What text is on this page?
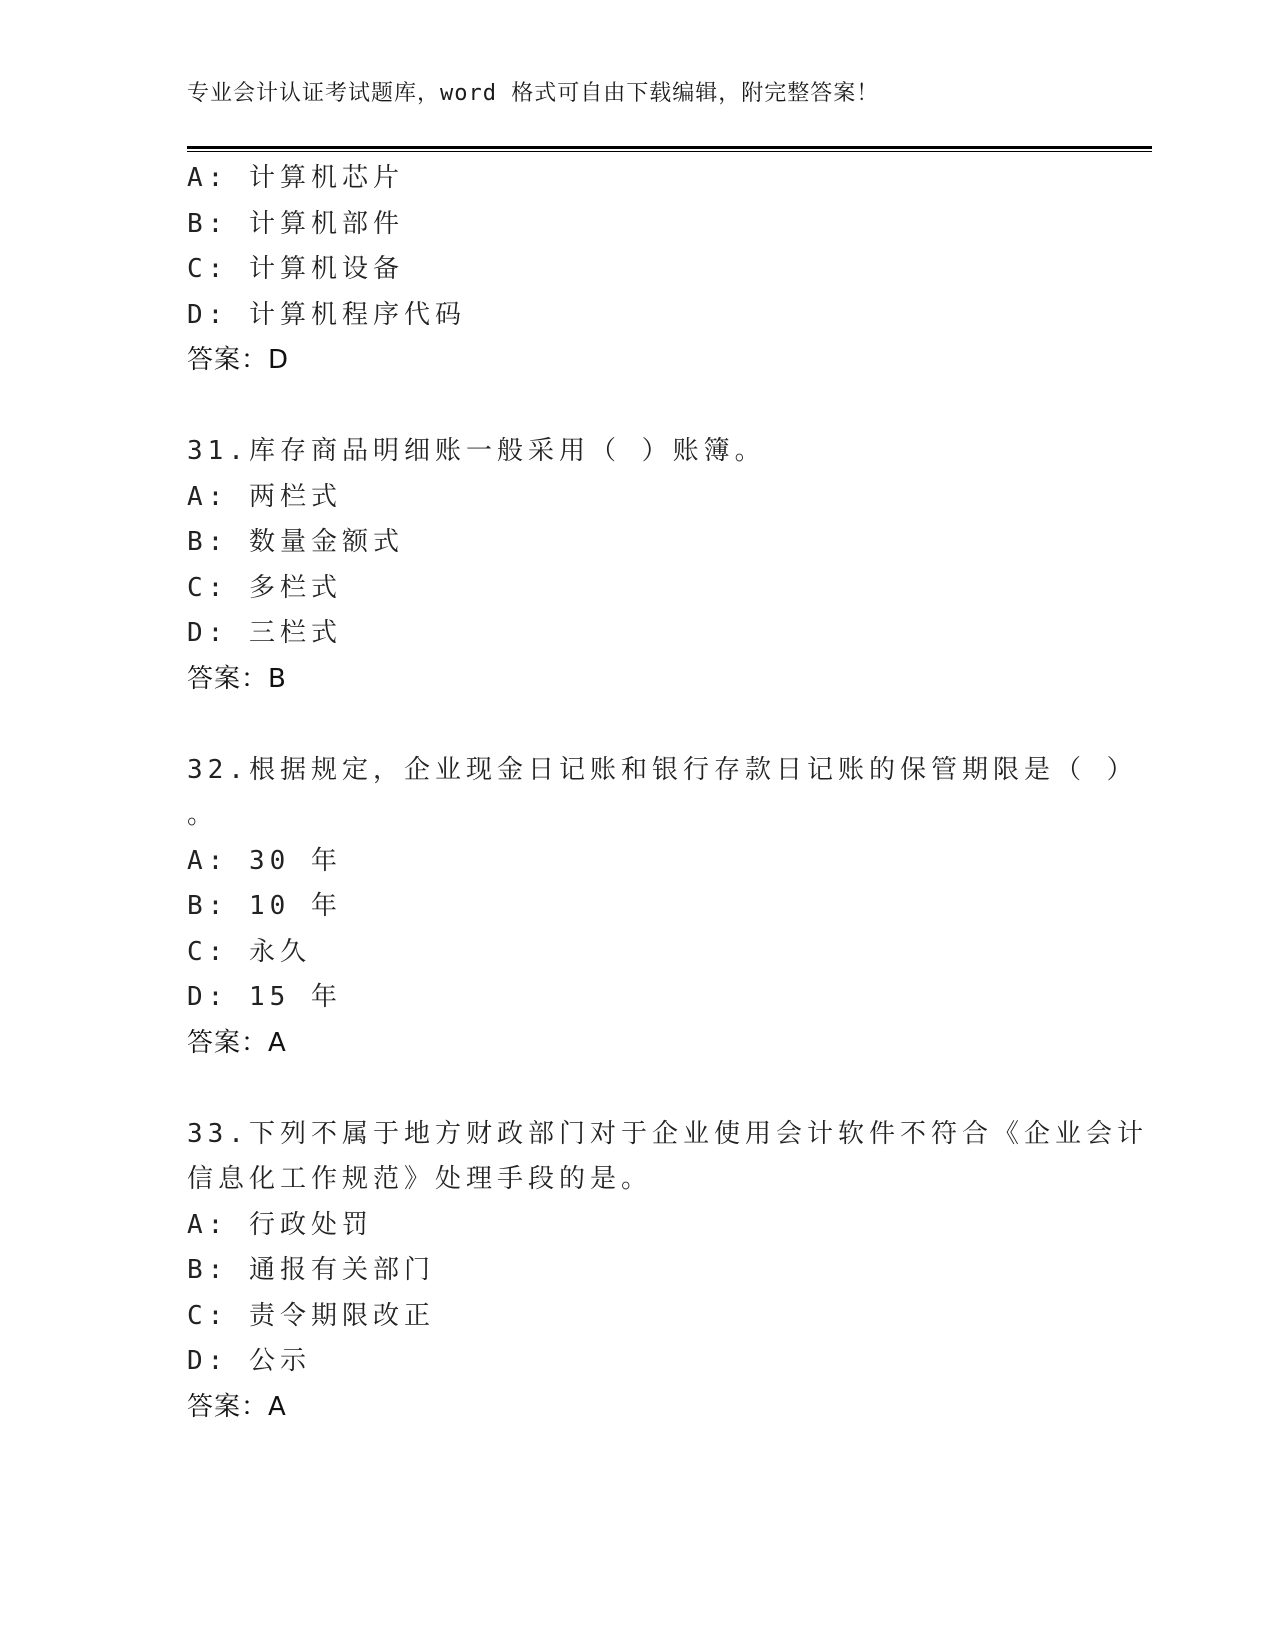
专业会计认证考试题库，word 格式可自由下载编辑，附完整答案！
A: 计算机芯片
B: 计算机部件
C: 计算机设备
D: 计算机程序代码
答案：D
31.库存商品明细账一般采用（ ）账簿。
A: 两栏式
B: 数量金额式
C: 多栏式
D: 三栏式
答案：B
32.根据规定，企业现金日记账和银行存款日记账的保管期限是（ ）
。
A: 30 年
B: 10 年
C: 永久
D: 15 年
答案：A
33.下列不属于地方财政部门对于企业使用会计软件不符合《企业会计
信息化工作规范》处理手段的是。
A: 行政处罚
B: 通报有关部门
C: 责令期限改正
D: 公示
答案：A
